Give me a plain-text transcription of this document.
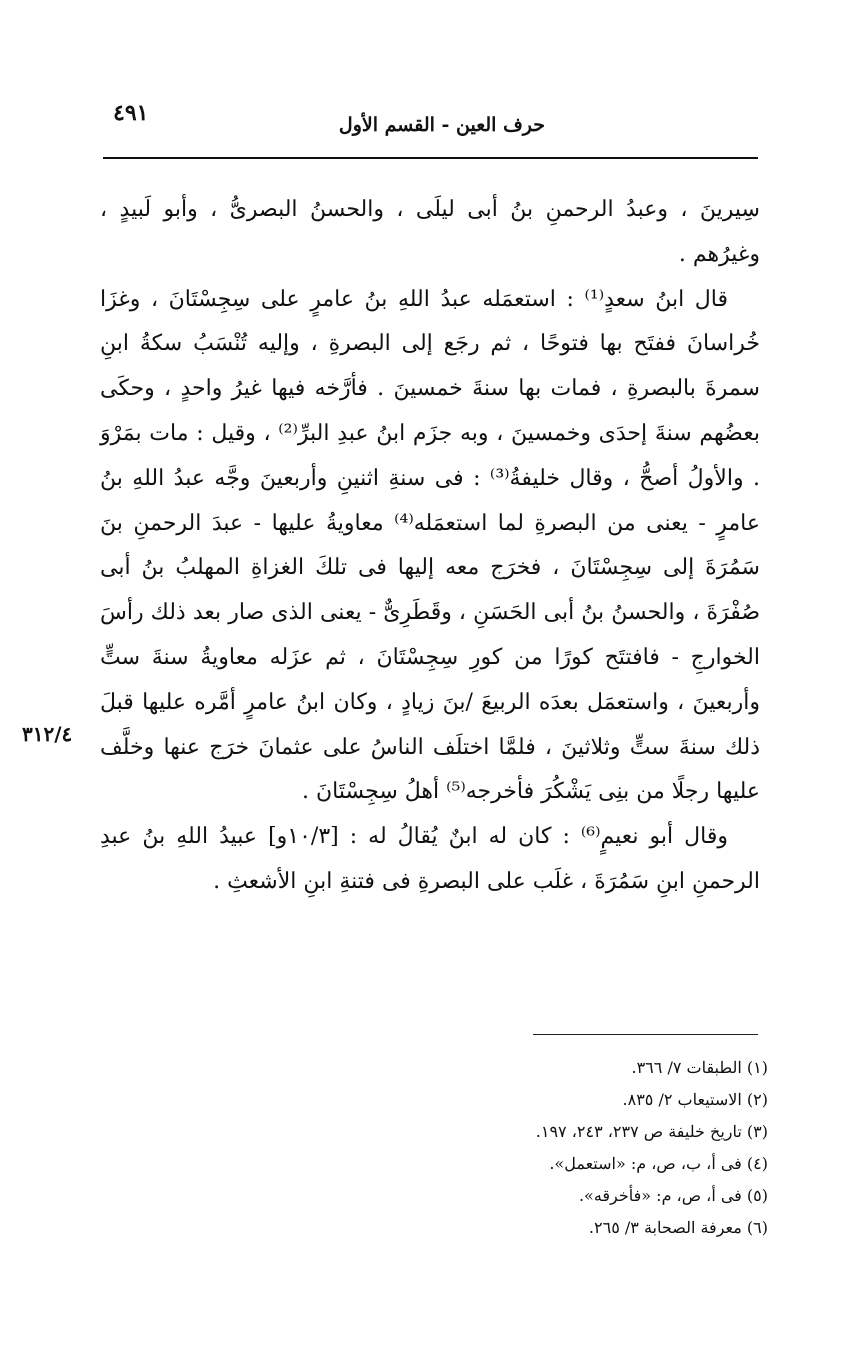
٤٩١	حرف العين - القسم الأول
٣١٢/٤

سِيرينَ ، وعبدُ الرحمنِ بنُ أبى ليلَى ، والحسنُ البصرىُّ ، وأبو لَبيدٍ ، وغيرُهم .

قال ابنُ سعدٍ⁽¹⁾ : استعمَله عبدُ اللهِ بنُ عامرٍ على سِجِسْتَانَ ، وغزَا خُراسانَ ففتَح بها فتوحًا ، ثم رجَع إلى البصرةِ ، وإليه تُنْسَبُ سكةُ ابنِ سمرةَ بالبصرةِ ، فمات بها سنةَ خمسينَ . فأرَّخه فيها غيرُ واحدٍ ، وحكَى بعضُهم سنةَ إحدَى وخمسينَ ، وبه جزَم ابنُ عبدِ البرِّ⁽²⁾ ، وقيل : مات بمَرْوَ . والأولُ أصحُّ ، وقال خليفةُ⁽³⁾ : فى سنةِ اثنينِ وأربعينَ وجَّه عبدُ اللهِ بنُ عامرٍ - يعنى من البصرةِ لما استعمَله⁽⁴⁾ معاويةُ عليها - عبدَ الرحمنِ بنَ سَمُرَةَ إلى سِجِسْتَانَ ، فخرَج معه إليها فى تلكَ الغزاةِ المهلبُ بنُ أبى صُفْرَةَ ، والحسنُ بنُ أبى الحَسَنِ ، وقَطَرِىٌّ - يعنى الذى صار بعد ذلك رأسَ الخوارجِ - فافتتَح كورًا من كورِ سِجِسْتَانَ ، ثم عزَله معاويةُ سنةَ ستٍّ وأربعينَ ، واستعمَل بعدَه الربيعَ /بنَ زيادٍ ، وكان ابنُ عامرٍ أمَّره عليها قبلَ ذلك سنةَ ستٍّ وثلاثينَ ، فلمَّا اختلَف الناسُ على عثمانَ خرَج عنها وخلَّف عليها رجلًا من بنِى يَشْكُرَ فأخرجه⁽⁵⁾ أهلُ سِجِسْتَانَ .

وقال أبو نعيمٍ⁽⁶⁾ : كان له ابنٌ يُقالُ له : [١٠/٣و] عبيدُ اللهِ بنُ عبدِ الرحمنِ ابنِ سَمُرَةَ ، غلَب على البصرةِ فى فتنةِ ابنِ الأشعثِ .

(١) الطبقات ٧/ ٣٦٦.
(٢) الاستيعاب ٢/ ٨٣٥.
(٣) تاريخ خليفة ص ٢٣٧، ٢٤٣، ١٩٧.
(٤) فى أ، ب، ص، م: «استعمل».
(٥) فى أ، ص، م: «فأخرقه».
(٦) معرفة الصحابة ٣/ ٢٦٥.
